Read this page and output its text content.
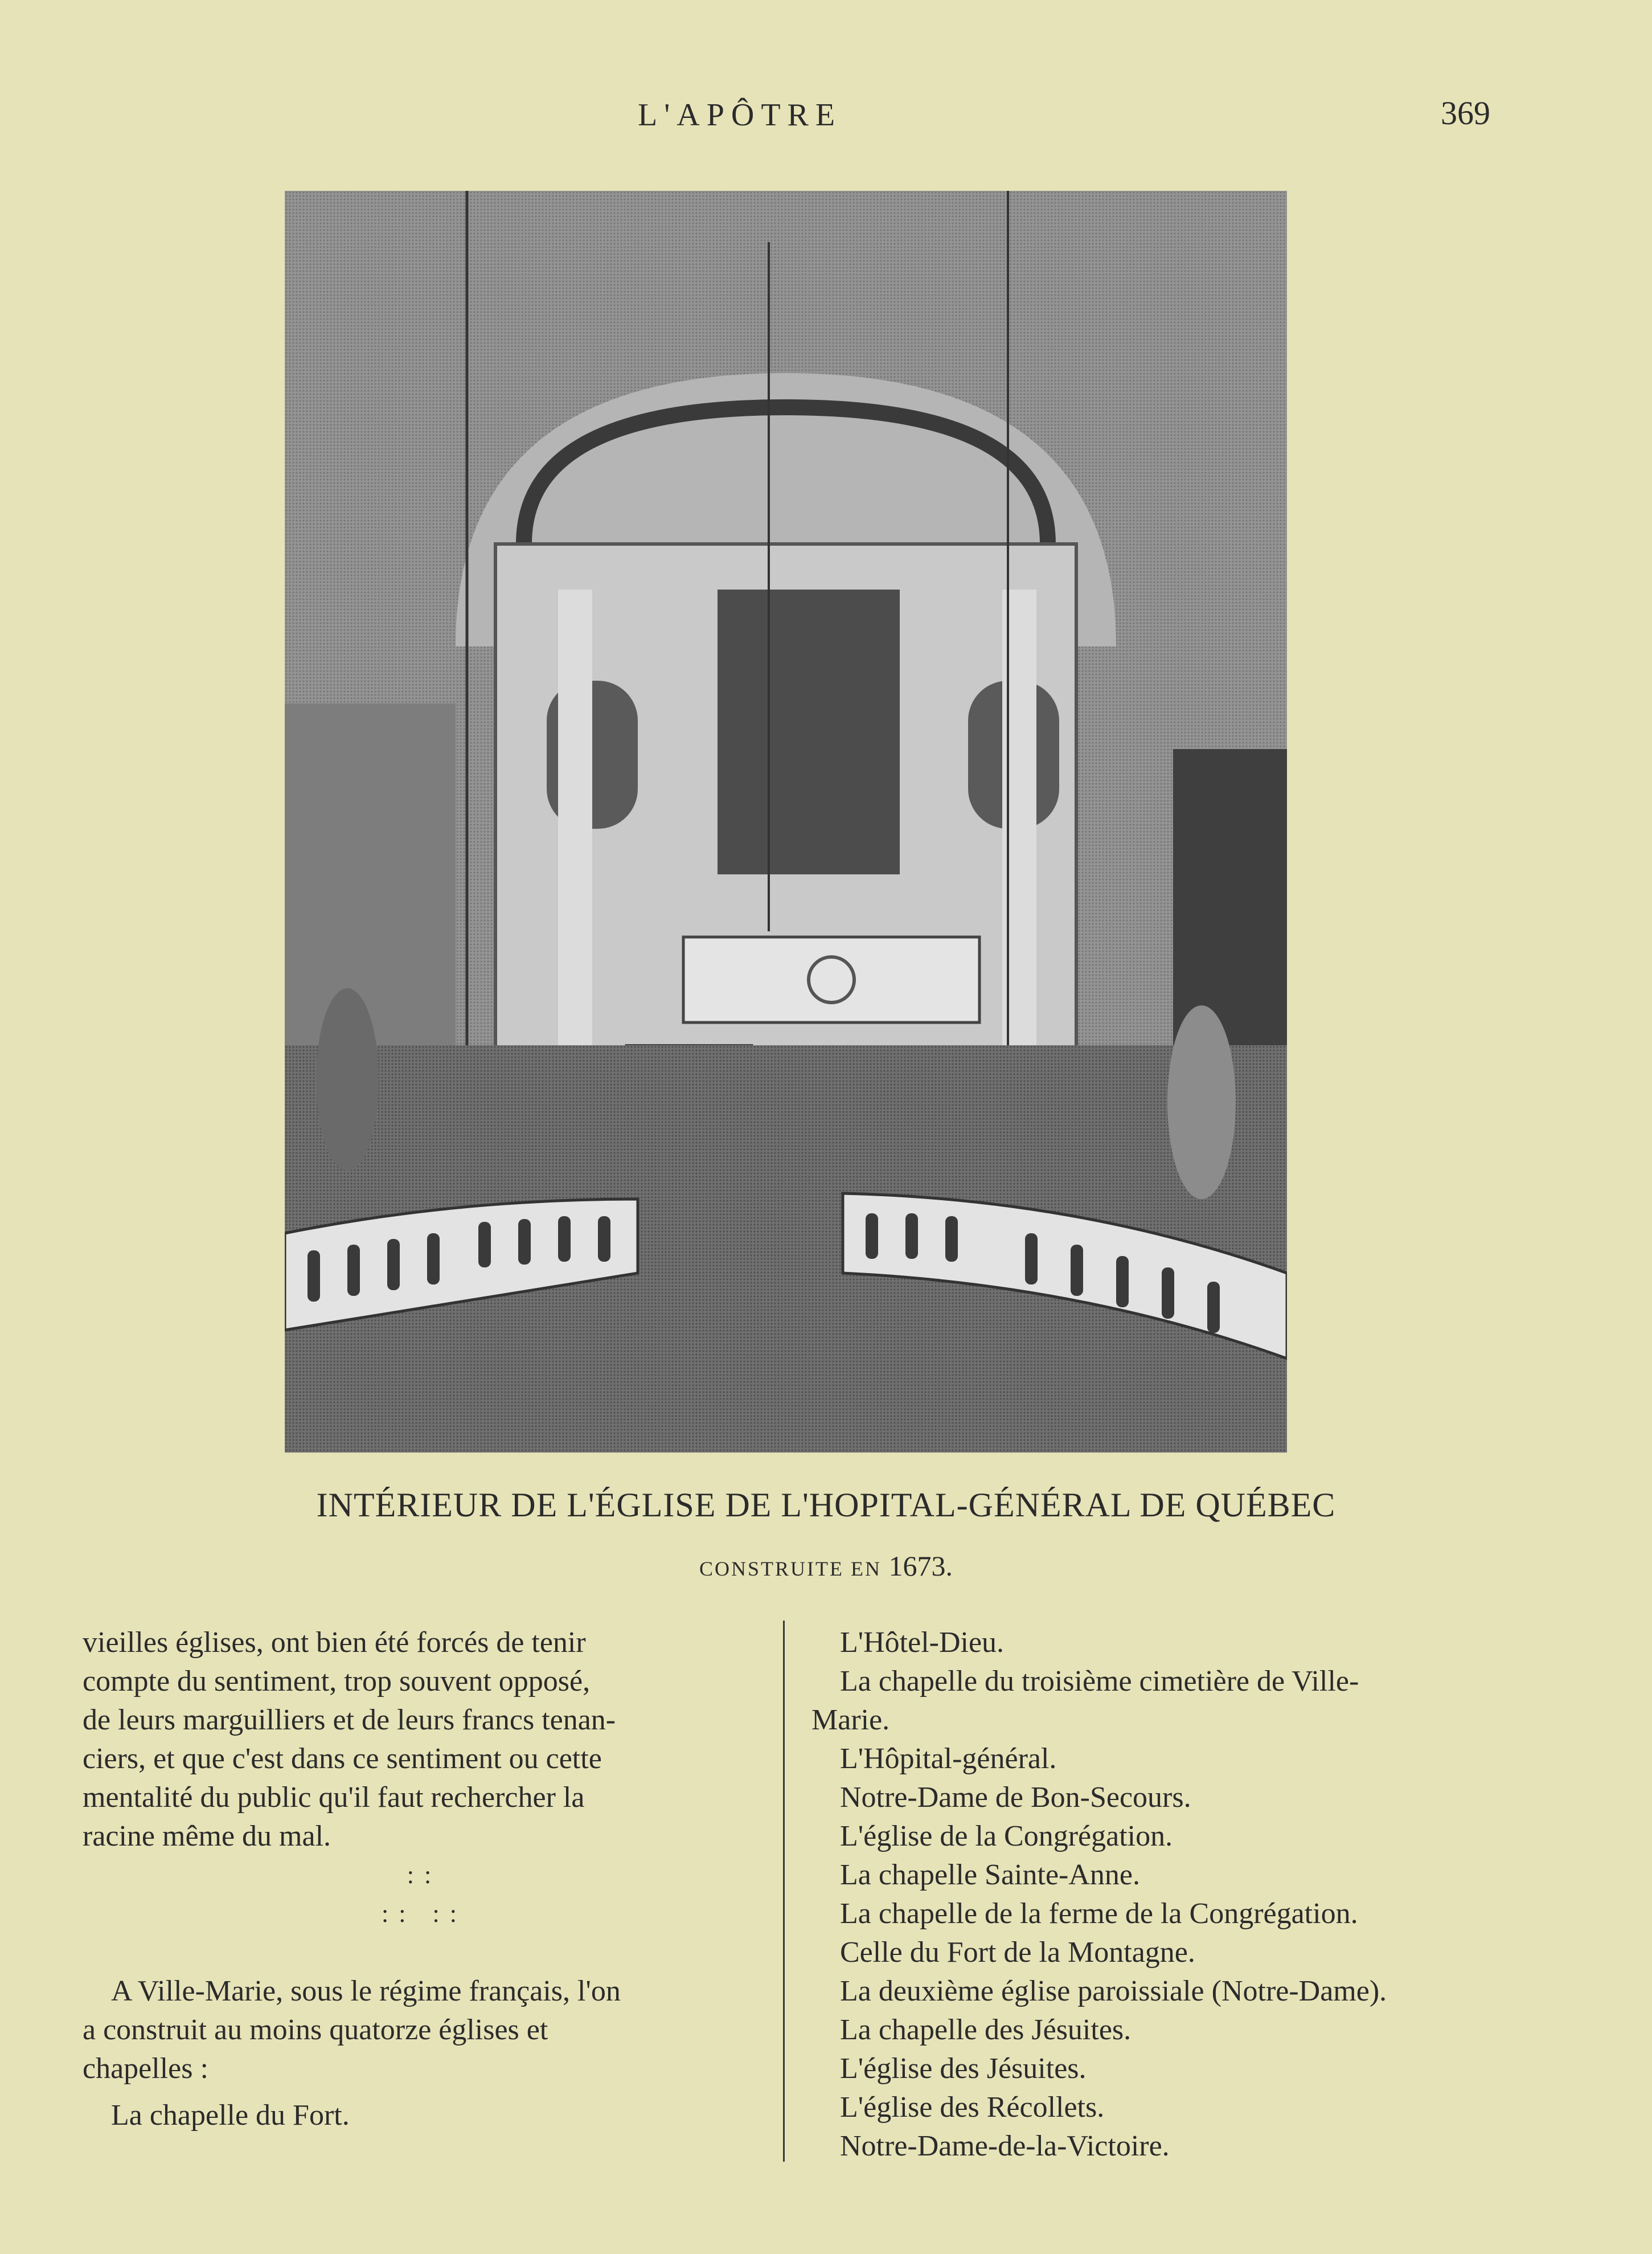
L'APÔTRE	369
INTÉRIEUR DE L'ÉGLISE DE L'HOPITAL-GÉNÉRAL DE QUÉBEC
CONSTRUITE EN 1673.

vieilles églises, ont bien été forcés de tenir

compte du sentiment, trop souvent opposé,

de leurs marguilliers et de leurs francs tenan-

ciers, et que c'est dans ce sentiment ou cette

mentalité du public qu'il faut rechercher la

racine même du mal.

::
:: ::

A Ville-Marie, sous le régime français, l'on

a construit au moins quatorze églises et

chapelles :

La chapelle du Fort.

L'Hôtel-Dieu.
La chapelle du troisième cimetière de Ville-
Marie.
L'Hôpital-général.
Notre-Dame de Bon-Secours.
L'église de la Congrégation.
La chapelle Sainte-Anne.
La chapelle de la ferme de la Congrégation.
Celle du Fort de la Montagne.
La deuxième église paroissiale (Notre-Dame).
La chapelle des Jésuites.
L'église des Jésuites.
L'église des Récollets.
Notre-Dame-de-la-Victoire.
